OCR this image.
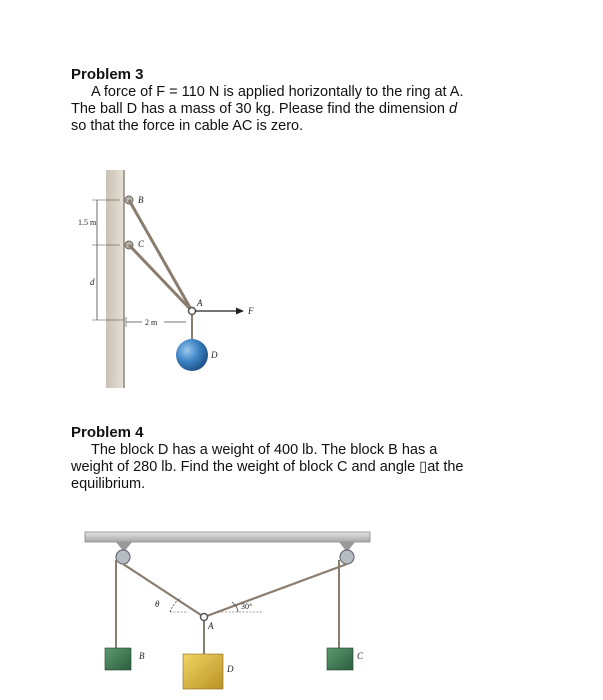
Problem 3
A force of F = 110 N is applied horizontally to the ring at A.
The ball D has a mass of 30 kg. Please find the dimension d
so that the force in cable AC is zero.
1.5 m
d
2 m
B
C
A
F
D
Problem 4
The block D has a weight of 400 lb. The block B has a
weight of 280 lb. Find the weight of block C and angle ▯at the
equilibrium.
θ	30°
A
B
D
C
